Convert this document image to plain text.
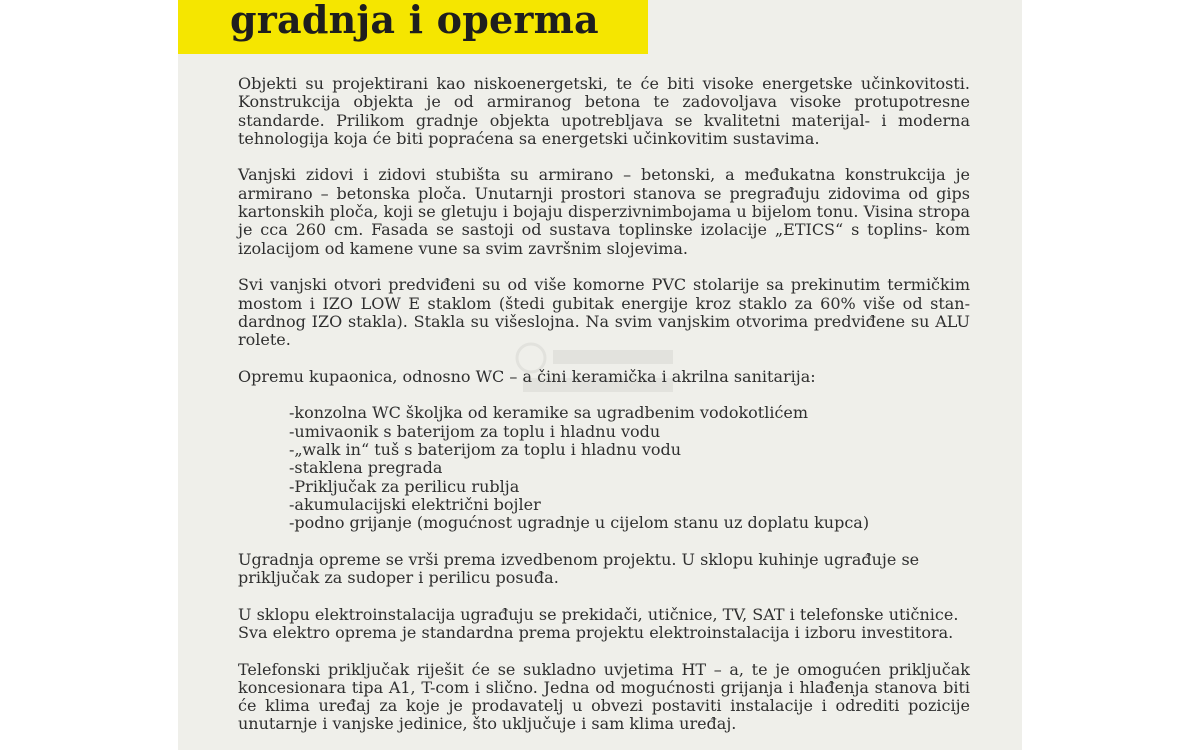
gradnja i operma

Objekti su projektirani kao niskoenergetski, te će biti visoke energetske učinkovitosti. Konstrukcija objekta je od armiranog betona te zadovoljava visoke protupotresne standarde. Prilikom gradnje objekta upotrebljava se kvalitetni materijal- i moderna tehnologija koja će biti popraćena sa energetski učinkovitim sustavima.

Vanjski zidovi i zidovi stubišta su armirano – betonski, a međukatna konstrukcija je armirano – betonska ploča. Unutarnji prostori stanova se pregrađuju zidovima od gips kartonskih ploča, koji se gletuju i bojaju disperzivnimbojama u bijelom tonu. Visina stropa je cca 260 cm. Fasada se sastoji od sustava toplinske izolacije „ETICS“ s toplins- kom izolacijom od kamene vune sa svim završnim slojevima.

Svi vanjski otvori predviđeni su od više komorne PVC stolarije sa prekinutim termičkim mostom i IZO LOW E staklom (štedi gubitak energije kroz staklo za 60% više od stan- dardnog IZO stakla). Stakla su višeslojna. Na svim vanjskim otvorima predviđene su ALU rolete.

Opremu kupaonica, odnosno WC – a čini keramička i akrilna sanitarija:

-konzolna WC školjka od keramike sa ugradbenim vodokotlićem
-umivaonik s baterijom za toplu i hladnu vodu
-„walk in“ tuš s baterijom za toplu i hladnu vodu
-staklena pregrada
-Priključak za perilicu rublja
-akumulacijski električni bojler
-podno grijanje (mogućnost ugradnje u cijelom stanu uz doplatu kupca)

Ugradnja opreme se vrši prema izvedbenom projektu. U sklopu kuhinje ugrađuje se priključak za sudoper i perilicu posuđa.

U sklopu elektroinstalacija ugrađuju se prekidači, utičnice, TV, SAT i telefonske utičnice. Sva elektro oprema je standardna prema projektu elektroinstalacija i izboru investitora.

Telefonski priključak riješit će se sukladno uvjetima HT – a, te je omogućen priključak koncesionara tipa A1, T-com i slično. Jedna od mogućnosti grijanja i hlađenja stanova biti će klima uređaj za koje je prodavatelj u obvezi postaviti instalacije i odrediti pozicije unutarnje i vanjske jedinice, što uključuje i sam klima uređaj.
